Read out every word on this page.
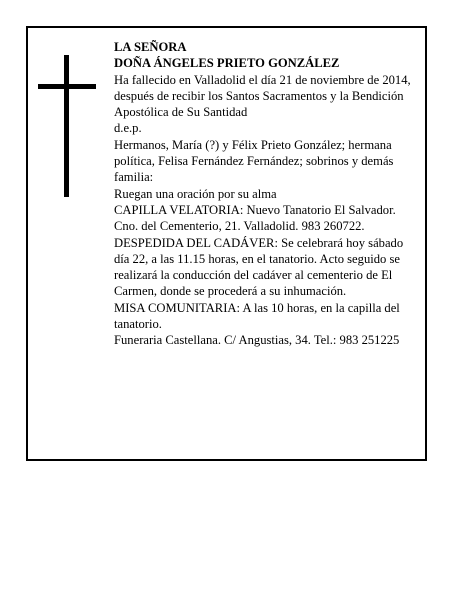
LA SEÑORA

DOÑA ÁNGELES PRIETO GONZÁLEZ

Ha fallecido en Valladolid el día 21 de noviembre de 2014, después de recibir los Santos Sacramentos y la Bendición Apostólica de Su Santidad

d.e.p.

Hermanos, María (?) y Félix Prieto González; hermana política, Felisa Fernández Fernández; sobrinos y demás familia:

Ruegan una oración por su alma

CAPILLA VELATORIA: Nuevo Tanatorio El Salvador. Cno. del Cementerio, 21. Valladolid. 983 260722.

DESPEDIDA DEL CADÁVER: Se celebrará hoy sábado día 22, a las 11.15 horas, en el tanatorio. Acto seguido se realizará la conducción del cadáver al cementerio de El Carmen, donde se procederá a su inhumación.

MISA COMUNITARIA: A las 10 horas, en la capilla del tanatorio.

Funeraria Castellana. C/ Angustias, 34. Tel.: 983 251225
